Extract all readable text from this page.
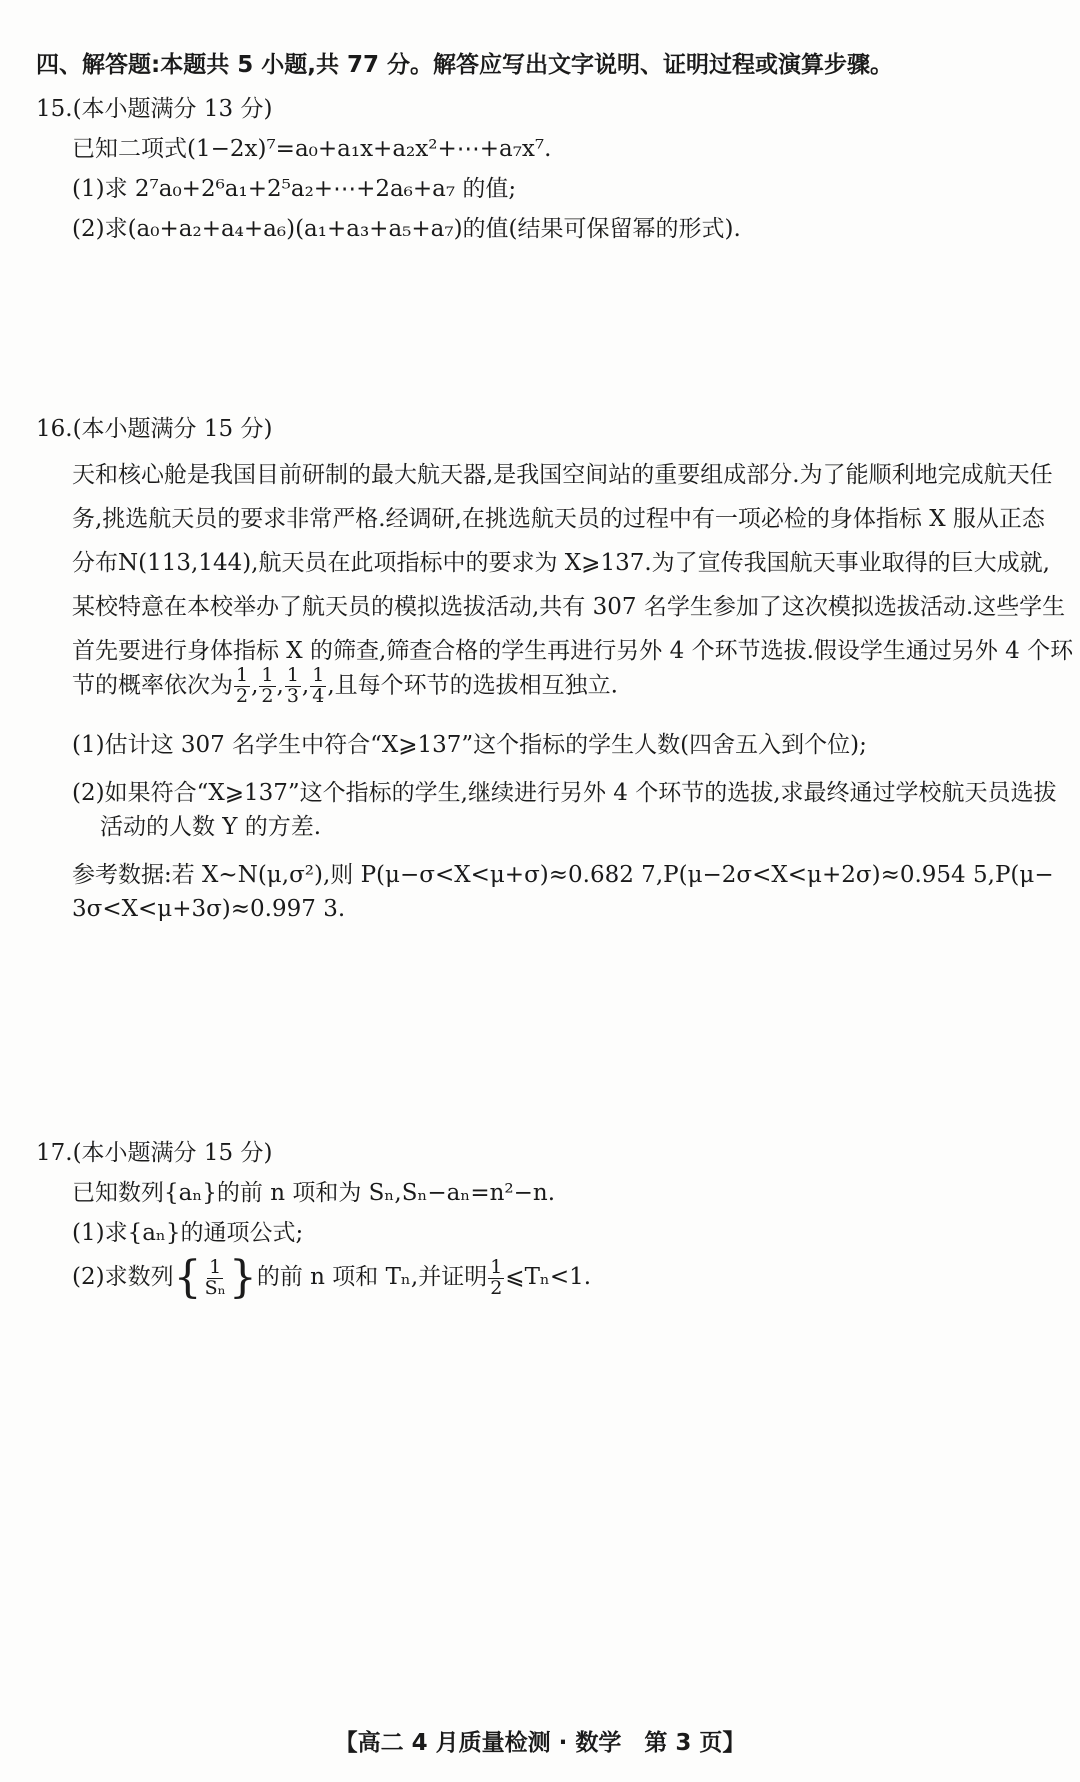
四、解答题:本题共 5 小题,共 77 分。解答应写出文字说明、证明过程或演算步骤。
15.(本小题满分 13 分)
已知二项式(1−2x)⁷=a₀+a₁x+a₂x²+⋯+a₇x⁷.
(1)求 2⁷a₀+2⁶a₁+2⁵a₂+⋯+2a₆+a₇ 的值;
(2)求(a₀+a₂+a₄+a₆)(a₁+a₃+a₅+a₇)的值(结果可保留幂的形式).
16.(本小题满分 15 分)
天和核心舱是我国目前研制的最大航天器,是我国空间站的重要组成部分.为了能顺利地完成航天任
务,挑选航天员的要求非常严格.经调研,在挑选航天员的过程中有一项必检的身体指标 X 服从正态
分布N(113,144),航天员在此项指标中的要求为 X⩾137.为了宣传我国航天事业取得的巨大成就,
某校特意在本校举办了航天员的模拟选拔活动,共有 307 名学生参加了这次模拟选拔活动.这些学生
首先要进行身体指标 X 的筛查,筛查合格的学生再进行另外 4 个环节选拔.假设学生通过另外 4 个环
节的概率依次为 $\frac{1}{2}$ , $\frac{1}{2}$ , $\frac{1}{3}$ , $\frac{1}{4}$ ,且每个环节的选拔相互独立.
(1)估计这 307 名学生中符合“X⩾137”这个指标的学生人数(四舍五入到个位);
(2)如果符合“X⩾137”这个指标的学生,继续进行另外 4 个环节的选拔,求最终通过学校航天员选拔
活动的人数 Y 的方差.
参考数据:若 X~N(μ,σ²),则 P(μ−σ<X<μ+σ)≈0.682 7,P(μ−2σ<X<μ+2σ)≈0.954 5,P(μ−
3σ<X<μ+3σ)≈0.997 3.
17.(本小题满分 15 分)
已知数列{aₙ}的前 n 项和为 Sₙ,Sₙ−aₙ=n²−n.
(1)求{aₙ}的通项公式;
(2)求数列{ $\frac{1}{\text{Sₙ}}$ }的前 n 项和 Tₙ,并证明 $\frac{1}{2}$ ⩽Tₙ<1.
【高二 4 月质量检测 · 数学　第 3 页】
